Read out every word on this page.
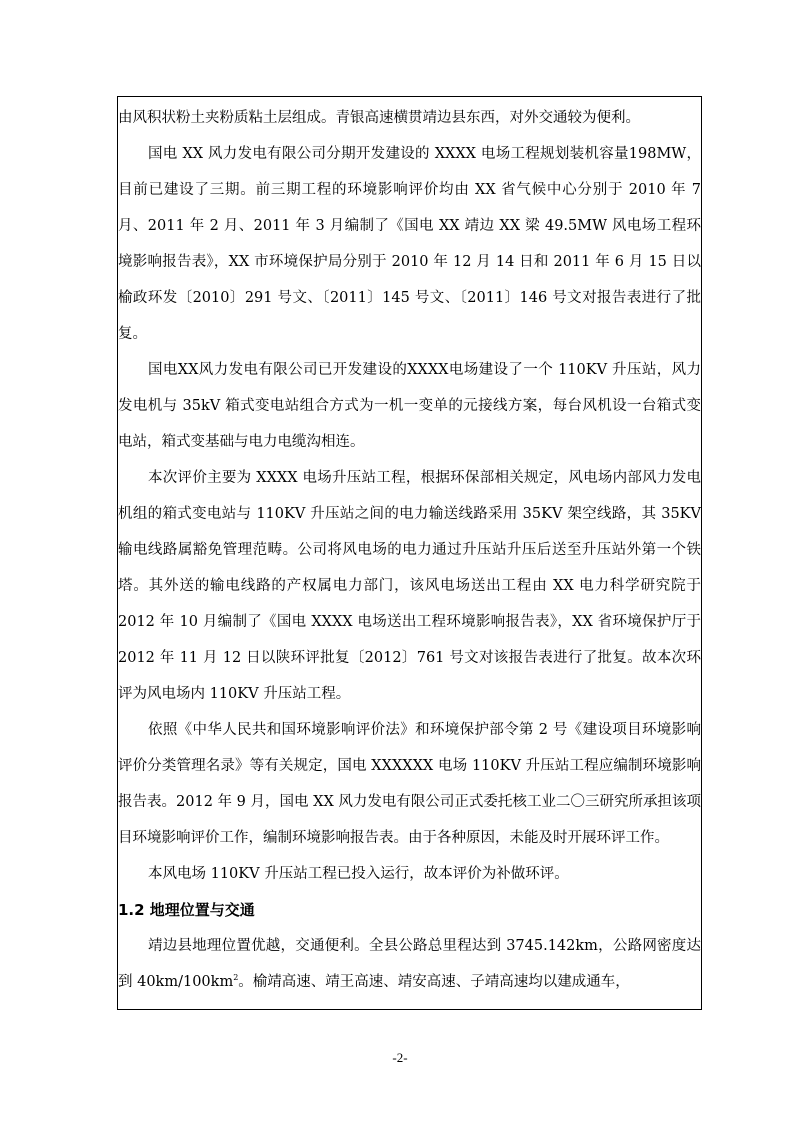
由风积状粉土夹粉质粘土层组成。青银高速横贯靖边县东西，对外交通较为便利。

国电 XX 风力发电有限公司分期开发建设的 XXXX 电场工程规划装机容量198MW，目前已建设了三期。前三期工程的环境影响评价均由 XX 省气候中心分别于 2010 年 7 月、2011 年 2 月、2011 年 3 月编制了《国电 XX 靖边 XX 梁 49.5MW 风电场工程环境影响报告表》，XX 市环境保护局分别于 2010 年 12 月 14 日和 2011 年 6 月 15 日以榆政环发〔2010〕291 号文、〔2011〕145 号文、〔2011〕146 号文对报告表进行了批复。

国电XX风力发电有限公司已开发建设的XXXX电场建设了一个 110KV 升压站，风力发电机与 35kV 箱式变电站组合方式为一机一变单的元接线方案，每台风机设一台箱式变电站，箱式变基础与电力电缆沟相连。

本次评价主要为 XXXX 电场升压站工程，根据环保部相关规定，风电场内部风力发电机组的箱式变电站与 110KV 升压站之间的电力输送线路采用 35KV 架空线路，其 35KV 输电线路属豁免管理范畴。公司将风电场的电力通过升压站升压后送至升压站外第一个铁塔。其外送的输电线路的产权属电力部门，该风电场送出工程由 XX 电力科学研究院于 2012 年 10 月编制了《国电 XXXX 电场送出工程环境影响报告表》，XX 省环境保护厅于 2012 年 11 月 12 日以陕环评批复〔2012〕761 号文对该报告表进行了批复。故本次环评为风电场内 110KV 升压站工程。

依照《中华人民共和国环境影响评价法》和环境保护部令第 2 号《建设项目环境影响评价分类管理名录》等有关规定，国电 XXXXXX 电场 110KV 升压站工程应编制环境影响报告表。2012 年 9 月，国电 XX 风力发电有限公司正式委托核工业二〇三研究所承担该项目环境影响评价工作，编制环境影响报告表。由于各种原因，未能及时开展环评工作。

本风电场 110KV 升压站工程已投入运行，故本评价为补做环评。

1.2 地理位置与交通

靖边县地理位置优越，交通便利。全县公路总里程达到 3745.142km，公路网密度达到 $40km/100km^2$。榆靖高速、靖王高速、靖安高速、子靖高速均以建成通车，

-2-
